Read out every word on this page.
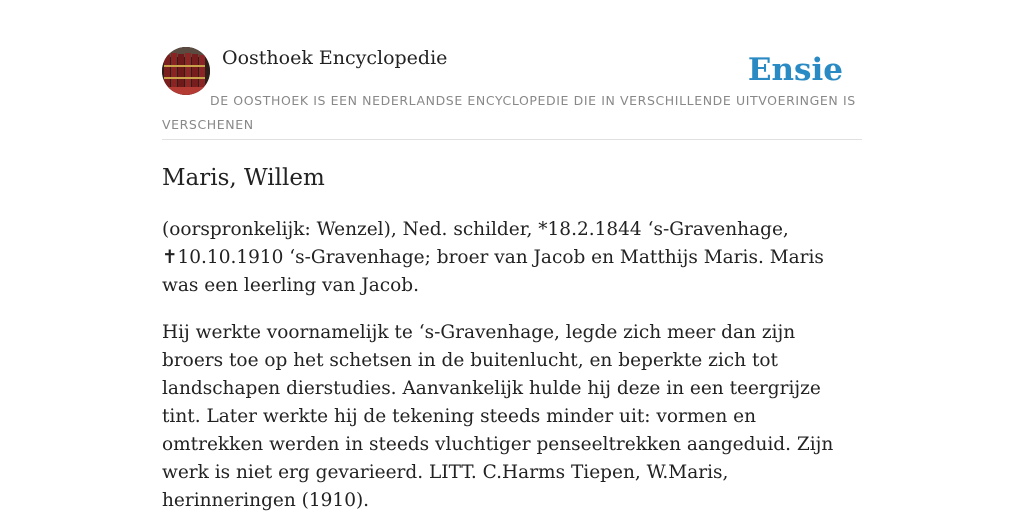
Oosthoek Encyclopedie	Ensie
DE OOSTHOEK IS EEN NEDERLANDSE ENCYCLOPEDIE DIE IN VERSCHILLENDE UITVOERINGEN IS VERSCHENEN
Maris, Willem

(oorspronkelijk: Wenzel), Ned. schilder, *18.2.1844 ‘s-Gravenhage, ✝10.10.1910 ‘s-Gravenhage; broer van Jacob en Matthijs Maris. Maris was een leerling van Jacob.

Hij werkte voornamelijk te ‘s-Gravenhage, legde zich meer dan zijn broers toe op het schetsen in de buitenlucht, en beperkte zich tot landschapen dierstudies. Aanvankelijk hulde hij deze in een teergrijze tint. Later werkte hij de tekening steeds minder uit: vormen en omtrekken werden in steeds vluchtiger penseeltrekken aangeduid. Zijn werk is niet erg gevarieerd. LITT. C.Harms Tiepen, W.Maris, herinneringen (1910).
